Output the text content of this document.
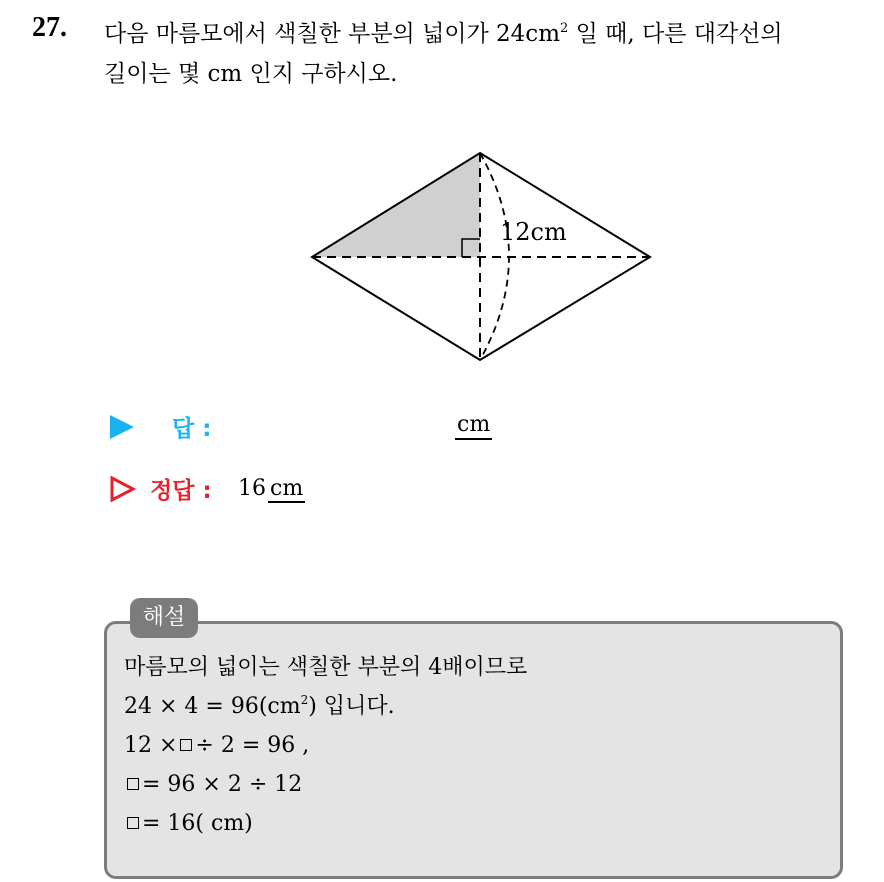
27. 다음 마름모에서 색칠한 부분의 넓이가 $24cm^2$ 일 때, 다른 대각선의
길이는 몇 cm 인지 구하시오.
12cm
답 :	cm
정답 : 16 cm
해설
마름모의 넓이는 색칠한 부분의 4배이므로
$24 \times 4 = 96(cm^2)$ 입니다.
12 × ÷ 2 = 96 ,
= 96 × 2 ÷ 12
= 16( cm)
